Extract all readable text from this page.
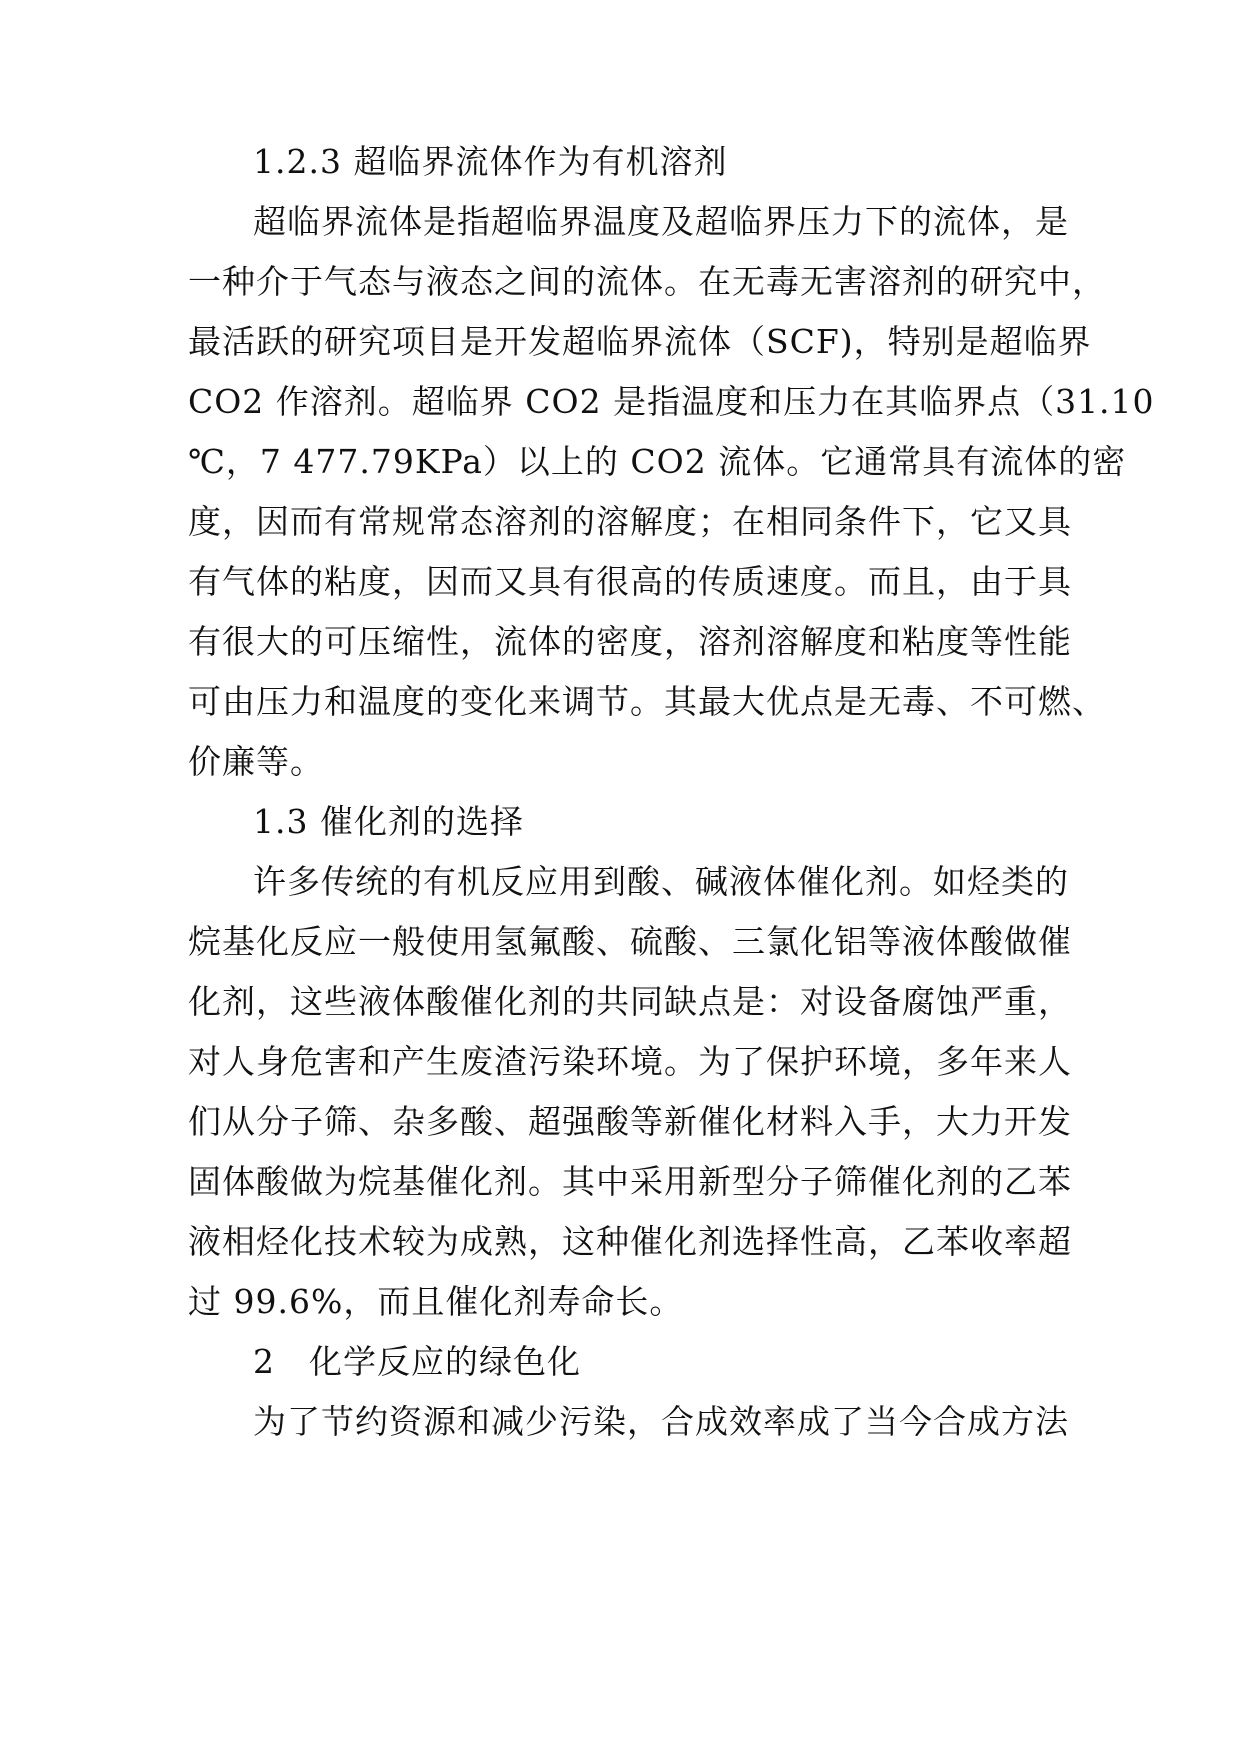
1.2.3 超临界流体作为有机溶剂
超临界流体是指超临界温度及超临界压力下的流体，是
一种介于气态与液态之间的流体。在无毒无害溶剂的研究中，
最活跃的研究项目是开发超临界流体（SCF)，特别是超临界
CO2 作溶剂。超临界 CO2 是指温度和压力在其临界点（31.10
℃，7 477.79KPa）以上的 CO2 流体。它通常具有流体的密
度，因而有常规常态溶剂的溶解度；在相同条件下，它又具
有气体的粘度，因而又具有很高的传质速度。而且，由于具
有很大的可压缩性，流体的密度，溶剂溶解度和粘度等性能
可由压力和温度的变化来调节。其最大优点是无毒、不可燃、
价廉等。
1.3 催化剂的选择
许多传统的有机反应用到酸、碱液体催化剂。如烃类的
烷基化反应一般使用氢氟酸、硫酸、三氯化铝等液体酸做催
化剂，这些液体酸催化剂的共同缺点是：对设备腐蚀严重，
对人身危害和产生废渣污染环境。为了保护环境，多年来人
们从分子筛、杂多酸、超强酸等新催化材料入手，大力开发
固体酸做为烷基催化剂。其中采用新型分子筛催化剂的乙苯
液相烃化技术较为成熟，这种催化剂选择性高，乙苯收率超
过 99.6%，而且催化剂寿命长。
2　化学反应的绿色化
为了节约资源和减少污染，合成效率成了当今合成方法
